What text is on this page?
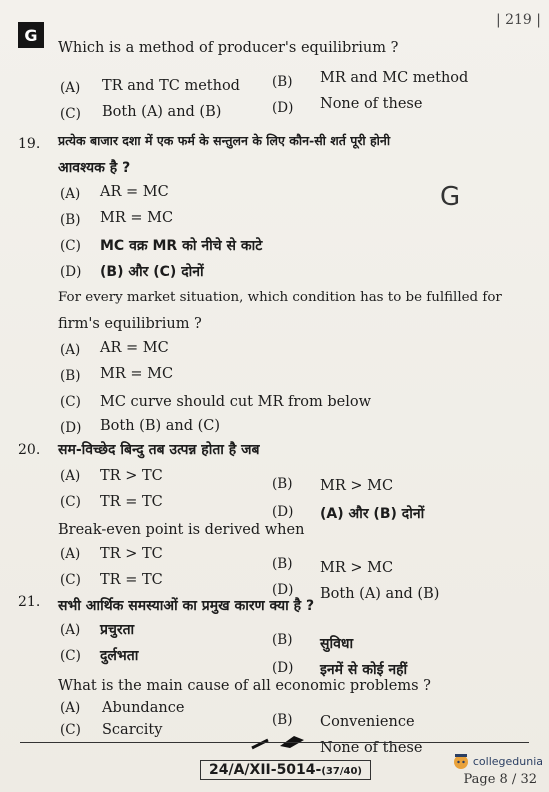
G
| 219 |
Which is a method of producer's equilibrium ?
(A) TR and TC method (B) MR and MC method
(C) Both (A) and (B)	(D) None of these
19. प्रत्येक बाजार दशा में एक फर्म के सन्तुलन के लिए कौन-सी शर्त पूरी होनी
आवश्यक है ?
(A) AR = MC
(B) MR = MC
(C) MC वक्र MR को नीचे से काटे
(D) (B) और (C) दोनों
For every market situation, which condition has to be fulfilled for
firm's equilibrium ?
(A) AR = MC
(B) MR = MC
(C) MC curve should cut MR from below
(D) Both (B) and (C)
20. सम-विच्छेद बिन्दु तब उत्पन्न होता है जब
(A) TR > TC	(B) MR > MC
(C) TR = TC
(D) (A) और (B) दोनों
Break-even point is derived when
(A) TR > TC
(B) MR > MC
(C) TR = TC
(D) Both (A) and (B)
21. सभी आर्थिक समस्याओं का प्रमुख कारण क्या है ?
(A) प्रचुरता
(B) सुविधा
(C) दुर्लभता
(D) इनमें से कोई नहीं
What is the main cause of all economic problems ?
(A) Abundance
(B) Convenience
(C) Scarcity
None of these
G
24/A/XII-5014-(37/40)
collegedunia
Page 8 / 32
